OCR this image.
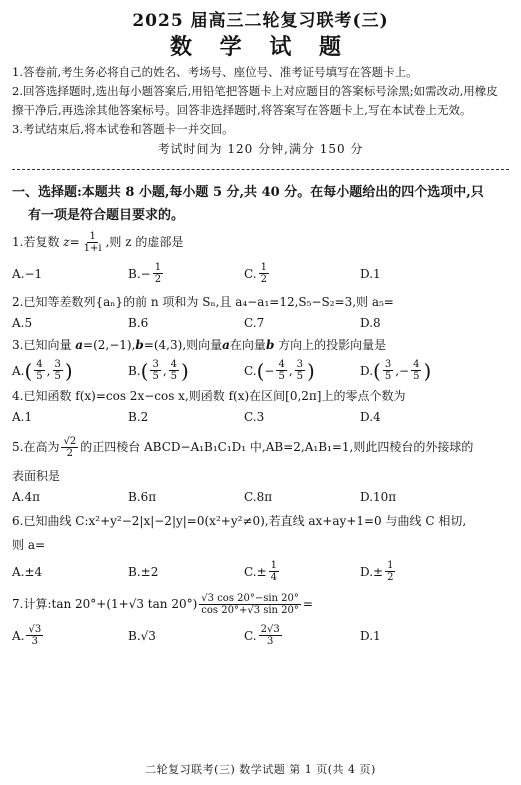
2025 届高三二轮复习联考(三)
数 学 试 题

1.答卷前,考生务必将自己的姓名、考场号、座位号、准考证号填写在答题卡上。

2.回答选择题时,选出每小题答案后,用铅笔把答题卡上对应题目的答案标号涂黑;如需改动,用橡皮擦干净后,再选涂其他答案标号。回答非选择题时,将答案写在答题卡上,写在本试卷上无效。

3.考试结束后,将本试卷和答题卡一并交回。

考试时间为 120 分钟,满分 150 分
一、选择题:本题共 8 小题,每小题 5 分,共 40 分。在每小题给出的四个选项中,只
有一项是符合题目要求的。
1.若复数 $z= \frac{1}{1+i}$ ,则 z 的虚部是
A.−1	$B.- \frac{1}{2}$	C. $\frac{1}{2}$	D.1
2.已知等差数列{aₙ}的前 n 项和为 Sₙ,且 a₄−a₁=12,S₅−S₂=3,则 a₅=
A.5	B.6	C.7	D.8
3.已知向量 a=(2,−1),b=(4,3),则向量a在向量b 方向上的投影向量是
A. ( $\frac{4}{5}$ , $\frac{3}{5}$ )	B. ( $\frac{3}{5}$ , $\frac{4}{5}$ )	C. ( − $\frac{4}{5}$ , $\frac{3}{5}$ )	D. ( $\frac{3}{5}$ , − $\frac{4}{5}$ )
4.已知函数 f(x)=cos 2x−cos x,则函数 f(x)在区间[0,2π]上的零点个数为
A.1	B.2	C.3	D.4
5.在高为 $\frac{√2}{2}$ 的正四棱台 ABCD−A₁B₁C₁D₁ 中,AB=2,A₁B₁=1,则此四棱台的外接球的
表面积是
A.4π	B.6π	C.8π	D.10π
6.已知曲线 C:x²+y²−2|x|−2|y|=0(x²+y²≠0),若直线 ax+ay+1=0 与曲线 C 相切,
则 a=
A.±4	B.±2	$C.\pm \frac{1}{4}$	$D.\pm \frac{1}{2}$
7.计算:tan 20°+(1+√3 $\tan 20^\circ) \frac{√3 \cos 20^\circ-\sin 20^\circ}{\cos 20^\circ+√3 \sin 20^\circ}$ =
A. $\frac{√3}{3}$	B.√3	C. $\frac{2√3}{3}$	D.1
二轮复习联考(三) 数学试题 第 1 页(共 4 页)
